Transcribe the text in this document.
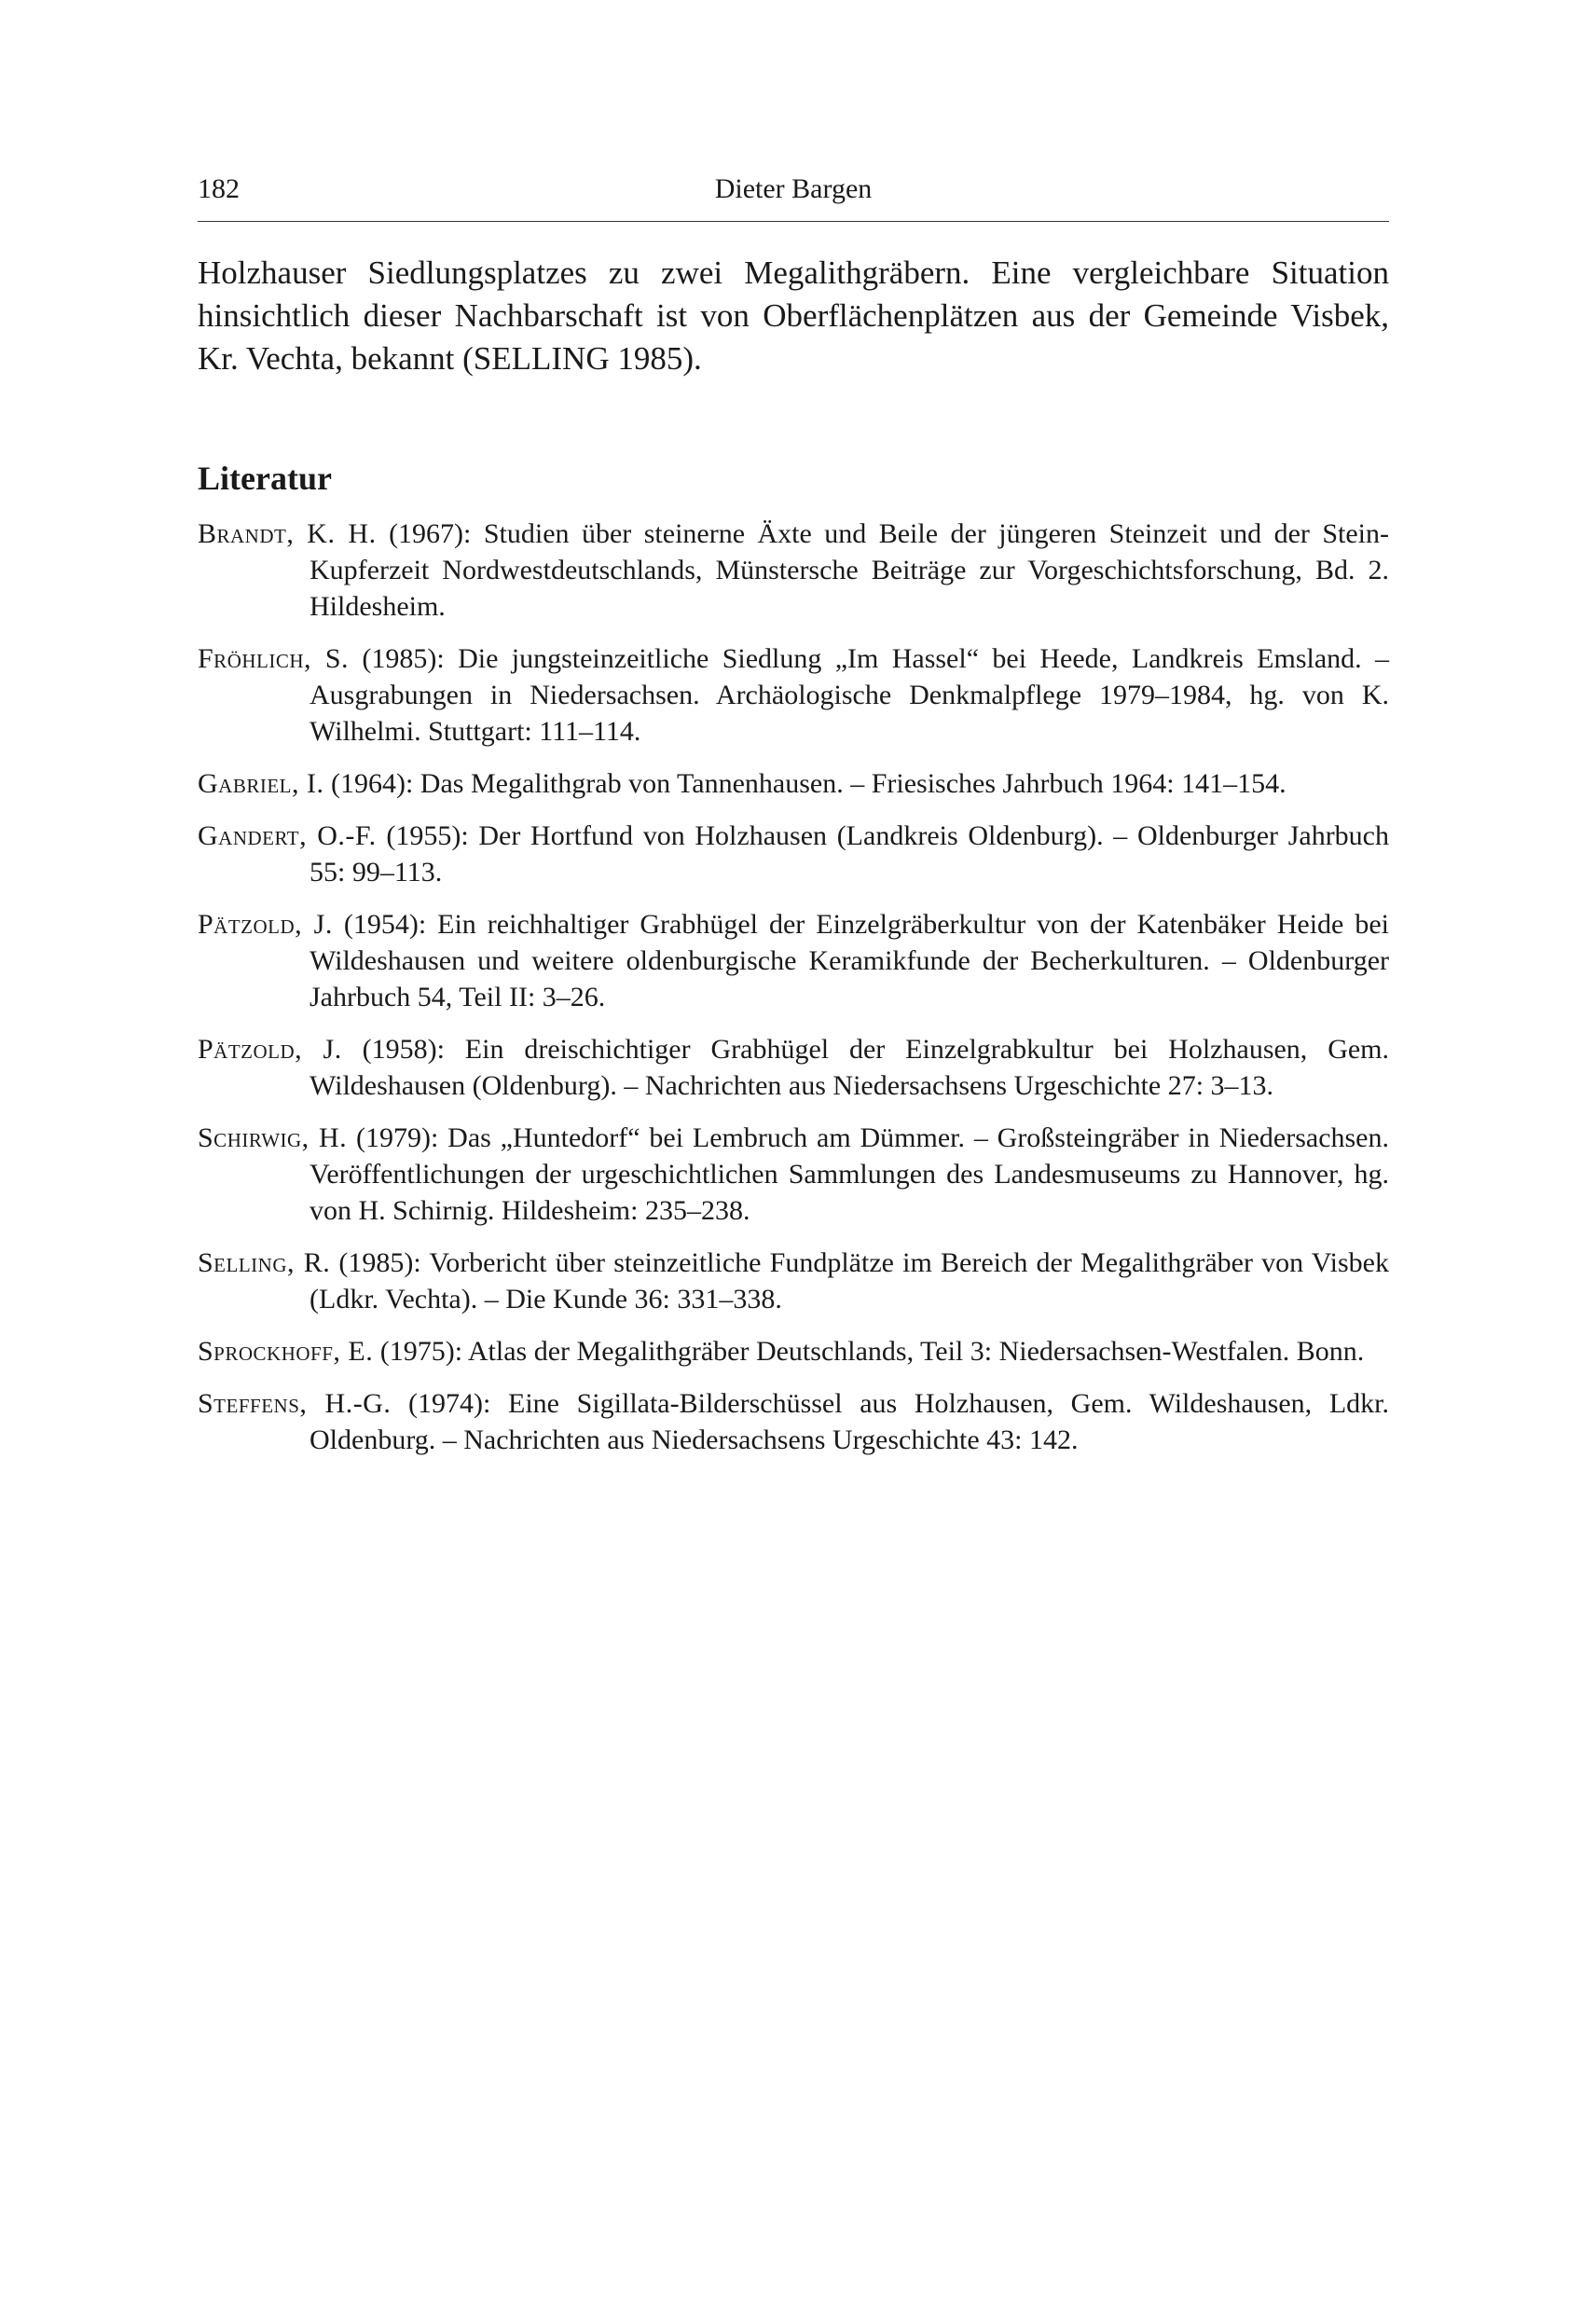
182	Dieter Bargen

Holzhauser Siedlungsplatzes zu zwei Megalithgräbern. Eine vergleichbare Situation hinsichtlich dieser Nachbarschaft ist von Oberflächenplätzen aus der Gemeinde Visbek, Kr. Vechta, bekannt (SELLING 1985).

Literatur
Brandt, K. H. (1967): Studien über steinerne Äxte und Beile der jüngeren Steinzeit und der Stein-Kupferzeit Nordwestdeutschlands, Münstersche Beiträge zur Vorgeschichtsforschung, Bd. 2. Hildesheim.
Fröhlich, S. (1985): Die jungsteinzeitliche Siedlung „Im Hassel“ bei Heede, Landkreis Emsland. – Ausgrabungen in Niedersachsen. Archäologische Denkmalpflege 1979–1984, hg. von K. Wilhelmi. Stuttgart: 111–114.
Gabriel, I. (1964): Das Megalithgrab von Tannenhausen. – Friesisches Jahrbuch 1964: 141–154.
Gandert, O.-F. (1955): Der Hortfund von Holzhausen (Landkreis Oldenburg). – Oldenburger Jahrbuch 55: 99–113.
Pätzold, J. (1954): Ein reichhaltiger Grabhügel der Einzelgräberkultur von der Katenbäker Heide bei Wildeshausen und weitere oldenburgische Keramikfunde der Becherkulturen. – Oldenburger Jahrbuch 54, Teil II: 3–26.
Pätzold, J. (1958): Ein dreischichtiger Grabhügel der Einzelgrabkultur bei Holzhausen, Gem. Wildeshausen (Oldenburg). – Nachrichten aus Niedersachsens Urgeschichte 27: 3–13.
Schirwig, H. (1979): Das „Huntedorf“ bei Lembruch am Dümmer. – Großsteingräber in Niedersachsen. Veröffentlichungen der urgeschichtlichen Sammlungen des Landesmuseums zu Hannover, hg. von H. Schirnig. Hildesheim: 235–238.
Selling, R. (1985): Vorbericht über steinzeitliche Fundplätze im Bereich der Megalithgräber von Visbek (Ldkr. Vechta). – Die Kunde 36: 331–338.
Sprockhoff, E. (1975): Atlas der Megalithgräber Deutschlands, Teil 3: Niedersachsen-Westfalen. Bonn.
Steffens, H.-G. (1974): Eine Sigillata-Bilderschüssel aus Holzhausen, Gem. Wildeshausen, Ldkr. Oldenburg. – Nachrichten aus Niedersachsens Urgeschichte 43: 142.
